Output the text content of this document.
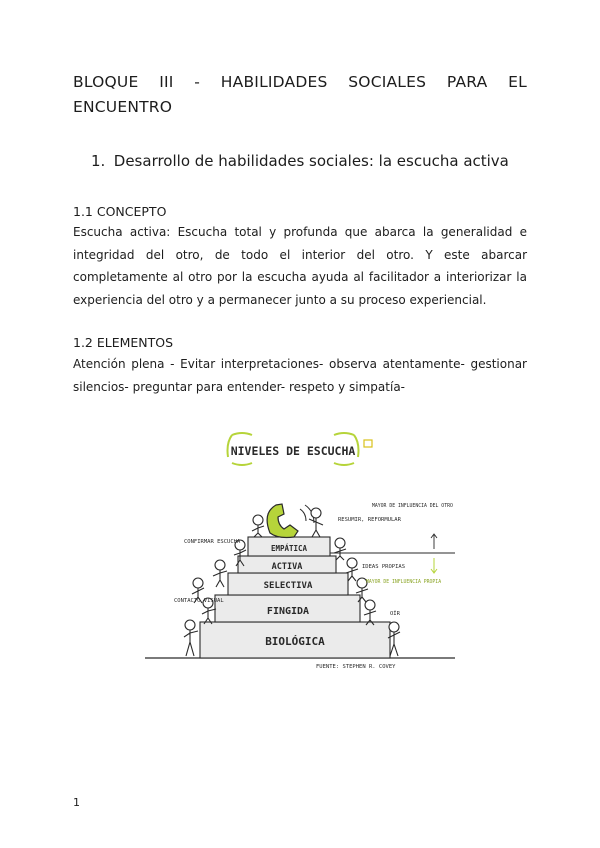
BLOQUE III - HABILIDADES SOCIALES PARA EL ENCUENTRO
1. Desarrollo de habilidades sociales: la escucha activa
1.1 CONCEPTO
Escucha activa: Escucha total y profunda que abarca la generalidad e integridad del otro, de todo el interior del otro. Y este abarcar completamente al otro por la escucha ayuda al facilitador a interiorizar la experiencia del otro y a permanecer junto a su proceso experiencial.
1.2 ELEMENTOS
Atención plena - Evitar interpretaciones- observa atentamente- gestionar silencios- preguntar para entender- respeto y simpatía-
NIVELES DE ESCUCHA
BIOLÓGICA
FINGIDA
SELECTIVA
ACTIVA
EMPÁTICA
CONFIRMAR ESCUCHA
CONTACTO VISUAL
RESUMIR, REFORMULAR
IDEAS PROPIAS
OÍR
MAYOR DE INFLUENCIA DEL OTRO
MAYOR DE INFLUENCIA PROPIA
FUENTE: STEPHEN R. COVEY
1
